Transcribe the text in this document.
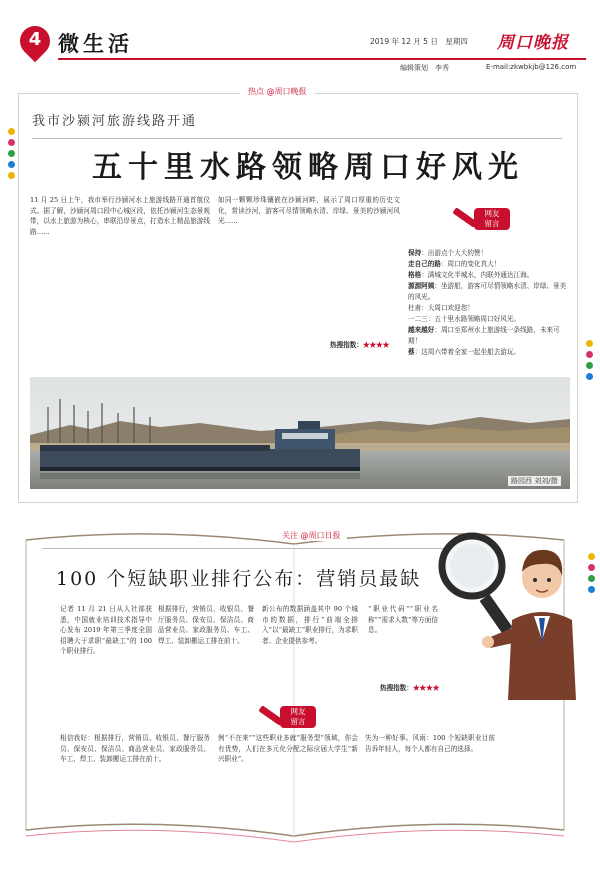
4 微生活	2019 年 12 月 5 日　星期四 周口晚报
编辑策划　李秀	E-mail:zkwbkjb@126.com
热点 @周口晚报
我市沙颍河旅游线路开通
五十里水路领略周口好风光
11 月 25 日上午，我市举行沙颍河水上旅游线路开通首航仪式。据了解，沙颍河周口段中心城区段，依托沙颍河生态景观带，以水上旅游为核心，串联沿岸景点，打造水上精品旅游线路……
如同一颗颗珍珠镶嵌在沙颍河畔，展示了周口厚重的历史文化，赏读沙河，游客可尽情领略水清、岸绿、景美的沙颍河风光……
热搜指数：★★★★
网友
留言

保持：出游点个大大的赞！

走自己的路：周口的变化真大！

格格：满城文化半城水，内联外通达江海。

源源阿姨：坐游船，游客可尽情领略水清、岸绿、景美的风光。

杜甫：大周口欢迎您！

一二三：五十里水路领略周口好风光。

越来越好：周口至郑州水上旅游线一条线路，未来可期！

蔡：这周六带着全家一起坐船去游玩。

路园西 刘刘/摄
关注 @周口日报
100 个短缺职业排行公布：营销员最缺
记者 11 月 21 日从人社部获悉，中国就业培训技术指导中心发布 2019 年第三季度全国招聘大于求职“最缺工”的 100 个职业排行。
根据排行，营销员、收银员、餐厅服务员、保安员、保洁员、商品营业员、家政服务员、车工、焊工、装卸搬运工排在前十。
新公布的数据涵盖其中 90 个城市的数据，排行“前端全排入”以“最缺工”职业排行，为求职者、企业提供参考。
“职业代码”“职业名称”“需求人数”等方面信息。
热搜指数：★★★★
网友
留言
相信我好：根据排行，营销员、收银员、餐厅服务员、保安员、保洁员、商品营业员、家政服务员、车工、焊工、装卸搬运工排在前十。
例“不在来”“这些职业多就”服务型”领域，你会有优势，人们在多元化分配之际应届大学生“新兴职业”。
失为一种好事。风雨：100 个短缺职业目前告诉年轻人，每个人都有自己的选择。
